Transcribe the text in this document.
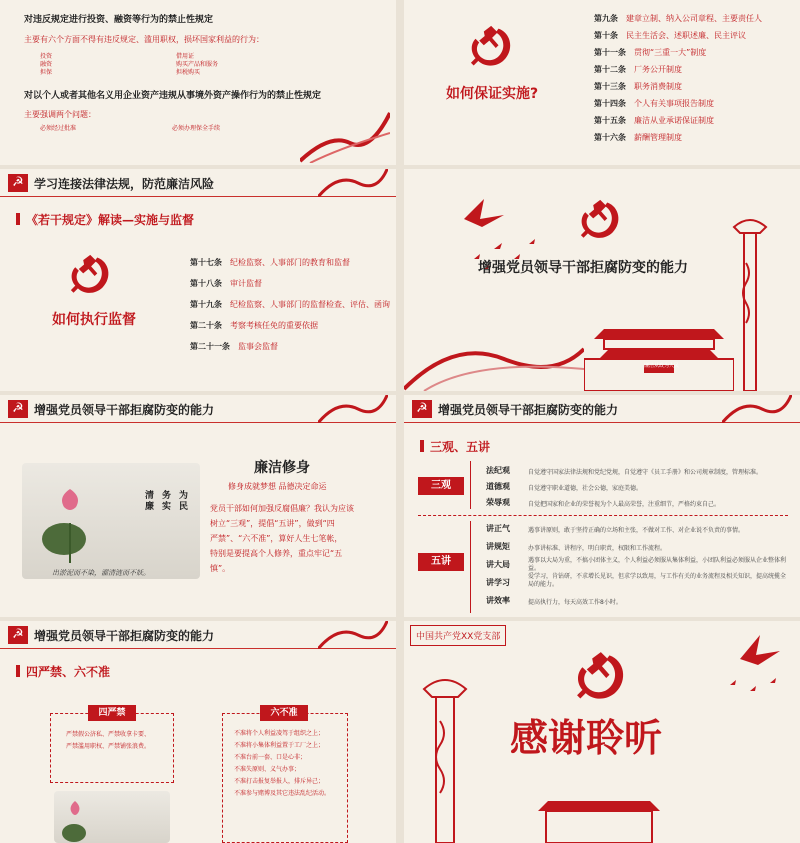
对违反规定进行投资、融资等行为的禁止性规定
主要有六个方面不得有违反规定、滥用职权，损坏国家利益的行为：
投资
融资
担保
借用证
购买产品和服务
担税购买
对以个人或者其他名义用企业资产违规从事境外资产操作行为的禁止性规定
主要强调两个问题：
必须经过批准	必须办理保全手续
如何保证实施?
第九条 建章立制、纳入公司章程、主要责任人
第十条 民主生活会、述职述廉、民主评议
第十一条 贯彻“三重一大”制度
第十二条 厂务公开制度
第十三条 职务消费制度
第十四条 个人有关事项报告制度
第十五条 廉洁从业承诺保证制度
第十六条 薪酬管理制度
☭ 学习连接法律法规，防范廉洁风险
《若干规定》解读—实施与监督
如何执行监督
第十七条 纪检监察、人事部门的教育和监督
第十八条 审计监督
第十九条 纪检监察、人事部门的监督检查、评估、函询
第二十条 考察考核任免的重要依据
第二十一条 监事会监督
增强党员领导干部拒腐防变的能力
廉洁从政为人民
☭ 增强党员领导干部拒腐防变的能力
清 务 为
廉 实 民
出淤泥而不染，濯清涟而不妖。
廉洁修身
修身成就梦想 品德决定命运
党员干部如何加强反腐倡廉？我认为应该
树立“三观”，提倡“五讲”，做到“四
严禁”、“六不准”，算好人生七笔帐，
特别是要提高个人修养，重点牢记“五
慎”。
☭ 增强党员领导干部拒腐防变的能力
三观、五讲
三观
法纪观	自觉遵守国家法律法规和党纪党规，自觉遵守《员工手册》和公司规章制度，管理标准。
道德观	自觉遵守职业道德，社会公德，家庭美德。
荣辱观	自觉把国家和企业的荣誉视为个人最高荣誉，注重细节，严格约束自己。
五讲
讲正气	遇事讲原则，敢于坚持正确的立场和主张，不做对工作、对企业说不负责的事情。
讲规矩	办事讲标准、讲程序，明白职责，权限和工作流程。
讲大局	遇事以大局为重，不搞小团体主义，个人利益必须服从集体利益，小团队利益必须服从企业整体利益。
讲学习
爱学习，肯钻研，不求增长见识，但求学以致用，与工作有关的业务流程及相关知识，提高统揽全局的能力。
讲效率	提高执行力，每天高效工作8小时。
☭ 增强党员领导干部拒腐防变的能力
四严禁、六不准
四严禁
严禁假公济私、严禁收拿卡要、
严禁滥用职权、严禁铺张浪费。
六不准
不准将个人利益凌驾于组织之上；
不准将小集体利益置于工厂之上；
不准台前一套、口是心非；
不准失原则、义气办事；
不准打击报复举报人，排斥异己；
不准参与赌博及其它违法乱纪活动。
中国共产党XX党支部
感谢聆听
